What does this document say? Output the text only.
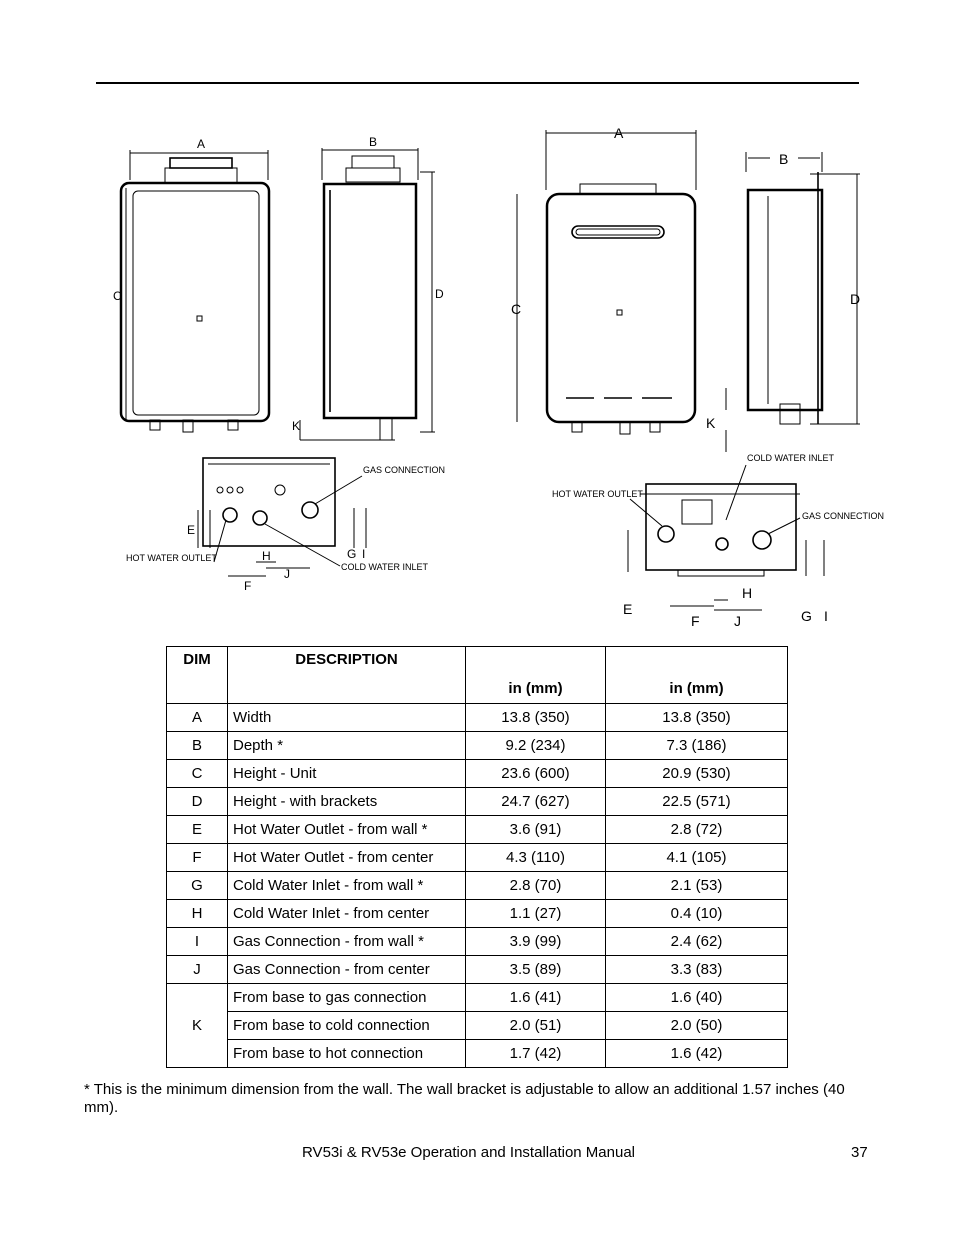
A
C
B
D
K
E
G I
F
H
J
GAS CONNECTION
HOT WATER OUTLET
COLD WATER INLET
A
C
B
D
K
E
F
H
J	G I
COLD WATER INLET
HOT WATER OUTLET
GAS CONNECTION
DIM	DESCRIPTION	in (mm)	in (mm)
A	Width	13.8 (350)	13.8 (350)
B	Depth *	9.2 (234)	7.3 (186)
C	Height - Unit	23.6 (600)	20.9 (530)
D	Height - with brackets	24.7 (627)	22.5 (571)
E	Hot Water Outlet - from wall *	3.6 (91)	2.8 (72)
F	Hot Water Outlet - from center	4.3 (110)	4.1 (105)
G	Cold Water Inlet - from wall *	2.8 (70)	2.1 (53)
H	Cold Water Inlet - from center	1.1 (27)	0.4 (10)
I	Gas Connection - from wall *	3.9 (99)	2.4 (62)
J	Gas Connection - from center	3.5 (89)	3.3 (83)
K	From base to gas connection	1.6 (41)	1.6 (40)
	From base to cold connection	2.0 (51)	2.0 (50)
	From base to hot connection	1.7 (42)	1.6 (42)
* This is the minimum dimension from the wall. The wall bracket is adjustable to allow an additional 1.57 inches (40 mm).
RV53i & RV53e Operation and Installation Manual	37
